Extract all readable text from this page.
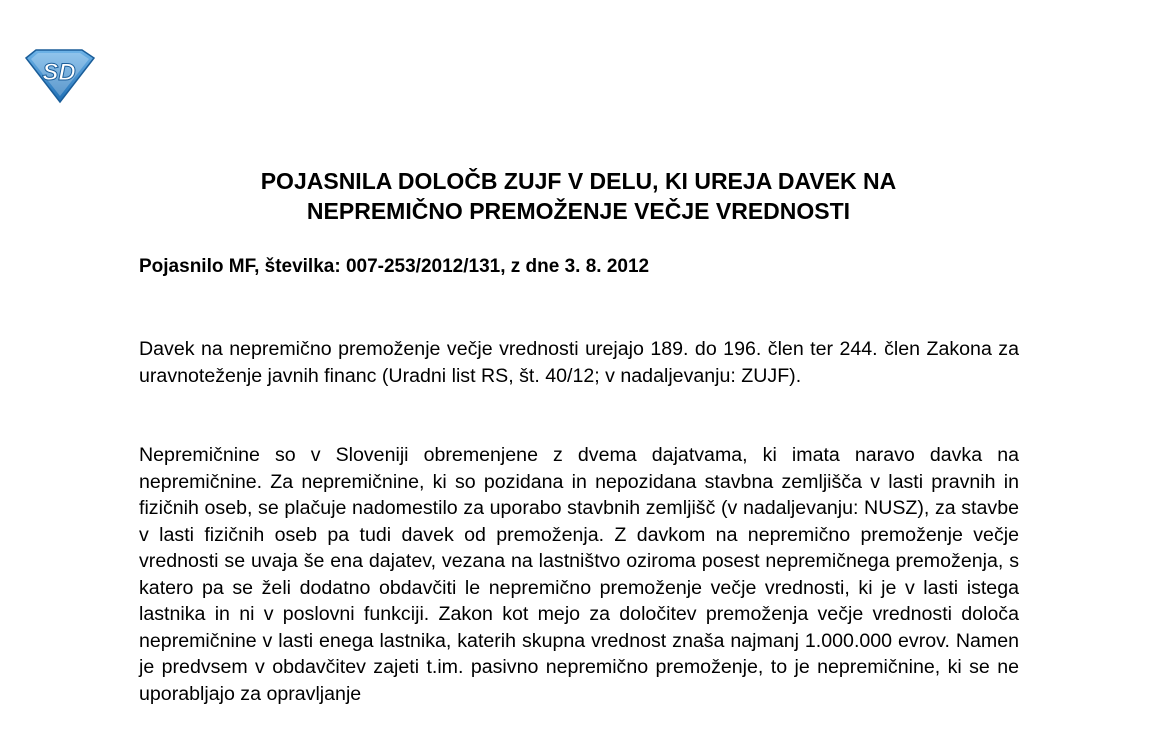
SD
POJASNILA DOLOČB ZUJF V DELU, KI UREJA DAVEK NA
NEPREMIČNO PREMOŽENJE VEČJE VREDNOSTI
Pojasnilo MF, številka: 007-253/2012/131, z dne 3. 8. 2012
Davek na nepremično premoženje večje vrednosti urejajo 189. do 196. člen ter 244. člen Zakona za uravnoteženje javnih financ (Uradni list RS, št. 40/12; v nadaljevanju: ZUJF).
Nepremičnine so v Sloveniji obremenjene z dvema dajatvama, ki imata naravo davka na nepremičnine. Za nepremičnine, ki so pozidana in nepozidana stavbna zemljišča v lasti pravnih in fizičnih oseb, se plačuje nadomestilo za uporabo stavbnih zemljišč (v nadaljevanju: NUSZ), za stavbe v lasti fizičnih oseb pa tudi davek od premoženja. Z davkom na nepremično premoženje večje vrednosti se uvaja še ena dajatev, vezana na lastništvo oziroma posest nepremičnega premoženja, s katero pa se želi dodatno obdavčiti le nepremično premoženje večje vrednosti, ki je v lasti istega lastnika in ni v poslovni funkciji. Zakon kot mejo za določitev premoženja večje vrednosti določa nepremičnine v lasti enega lastnika, katerih skupna vrednost znaša najmanj 1.000.000 evrov. Namen je predvsem v obdavčitev zajeti t.im. pasivno nepremično premoženje, to je nepremičnine, ki se ne uporabljajo za opravljanje
